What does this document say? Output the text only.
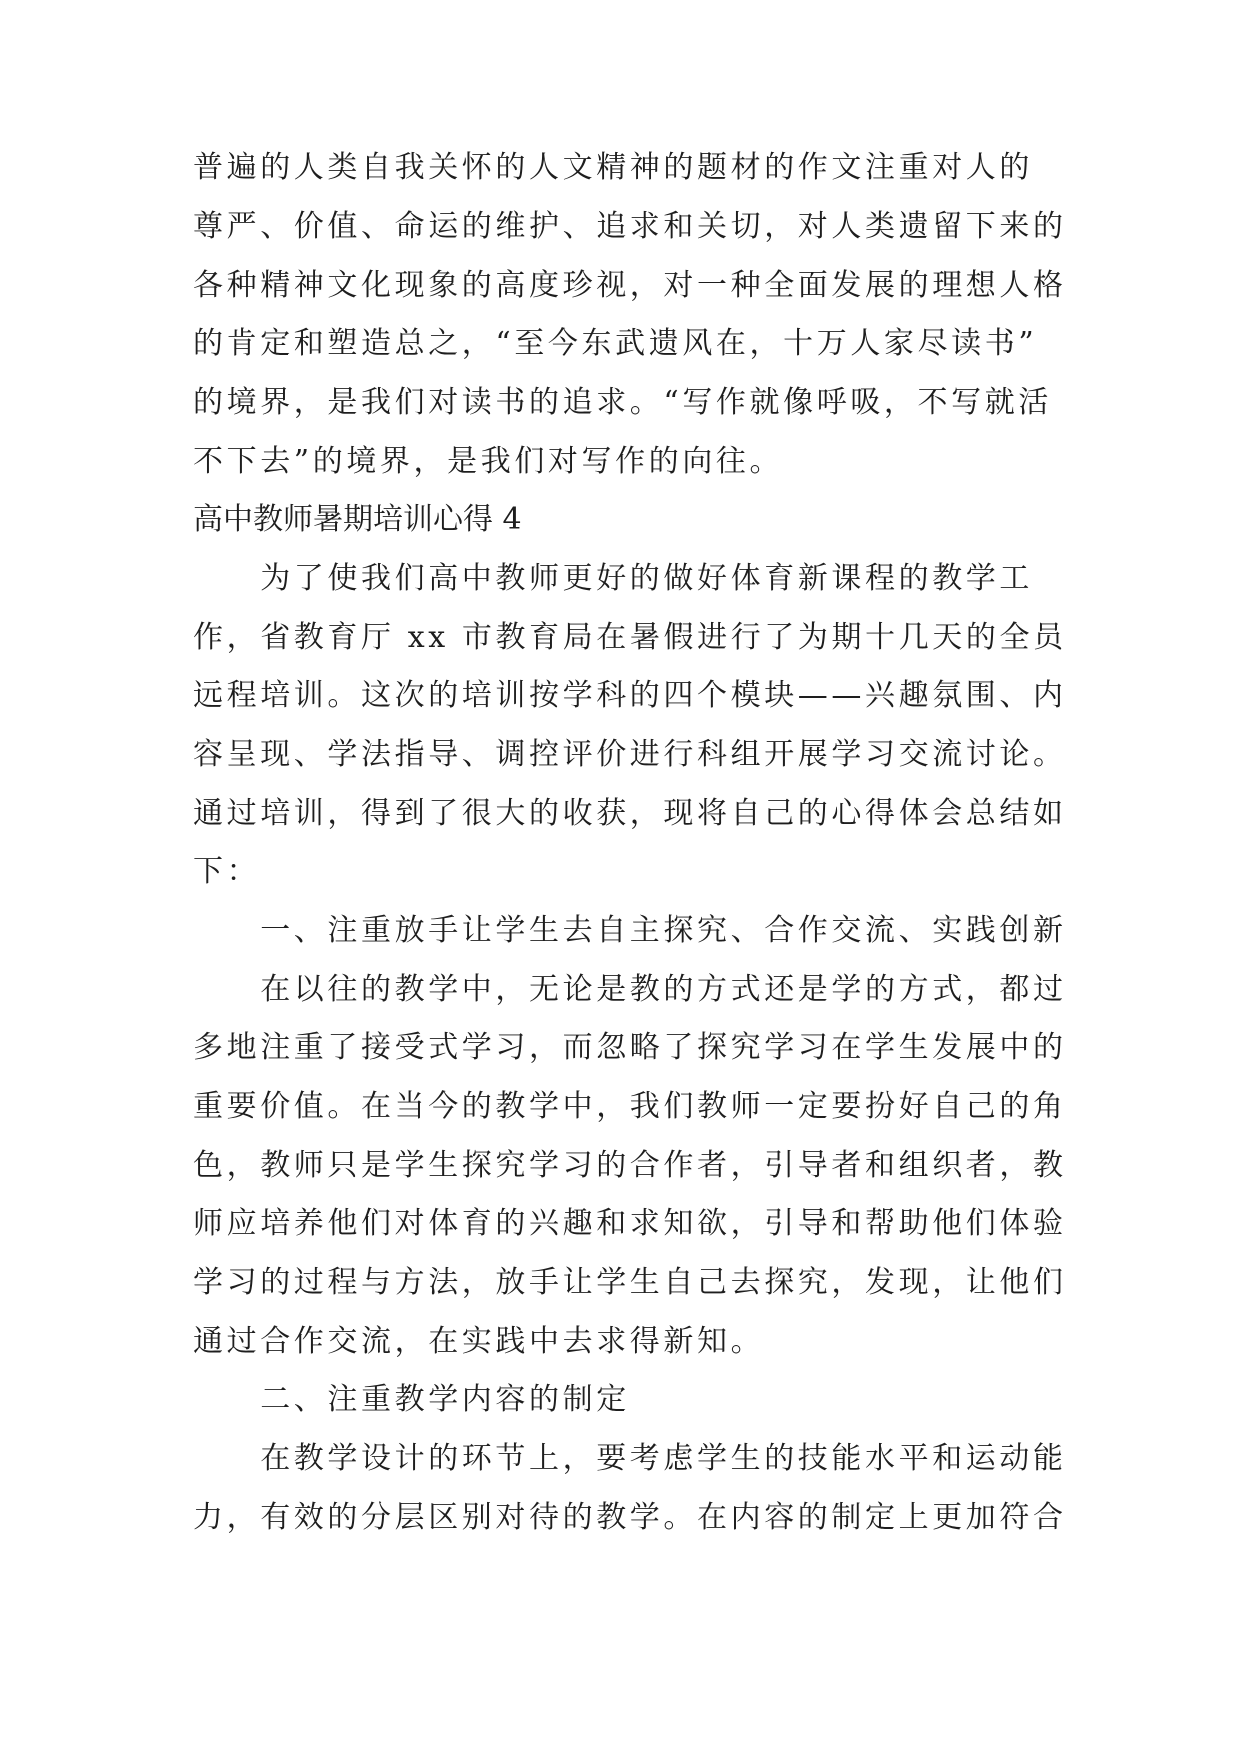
普遍的人类自我关怀的人文精神的题材的作文注重对人的
尊严、价值、命运的维护、追求和关切，对人类遗留下来的
各种精神文化现象的高度珍视，对一种全面发展的理想人格
的肯定和塑造总之，“至今东武遗风在，十万人家尽读书”
的境界，是我们对读书的追求。“写作就像呼吸，不写就活
不下去”的境界，是我们对写作的向往。
高中教师暑期培训心得 4
　　为了使我们高中教师更好的做好体育新课程的教学工
作，省教育厅 xx 市教育局在暑假进行了为期十几天的全员
远程培训。这次的培训按学科的四个模块——兴趣氛围、内
容呈现、学法指导、调控评价进行科组开展学习交流讨论。
通过培训，得到了很大的收获，现将自己的心得体会总结如
下：
　　一、注重放手让学生去自主探究、合作交流、实践创新
　　在以往的教学中，无论是教的方式还是学的方式，都过
多地注重了接受式学习，而忽略了探究学习在学生发展中的
重要价值。在当今的教学中，我们教师一定要扮好自己的角
色，教师只是学生探究学习的合作者，引导者和组织者，教
师应培养他们对体育的兴趣和求知欲，引导和帮助他们体验
学习的过程与方法，放手让学生自己去探究，发现，让他们
通过合作交流，在实践中去求得新知。
　　二、注重教学内容的制定
　　在教学设计的环节上，要考虑学生的技能水平和运动能
力，有效的分层区别对待的教学。在内容的制定上更加符合
